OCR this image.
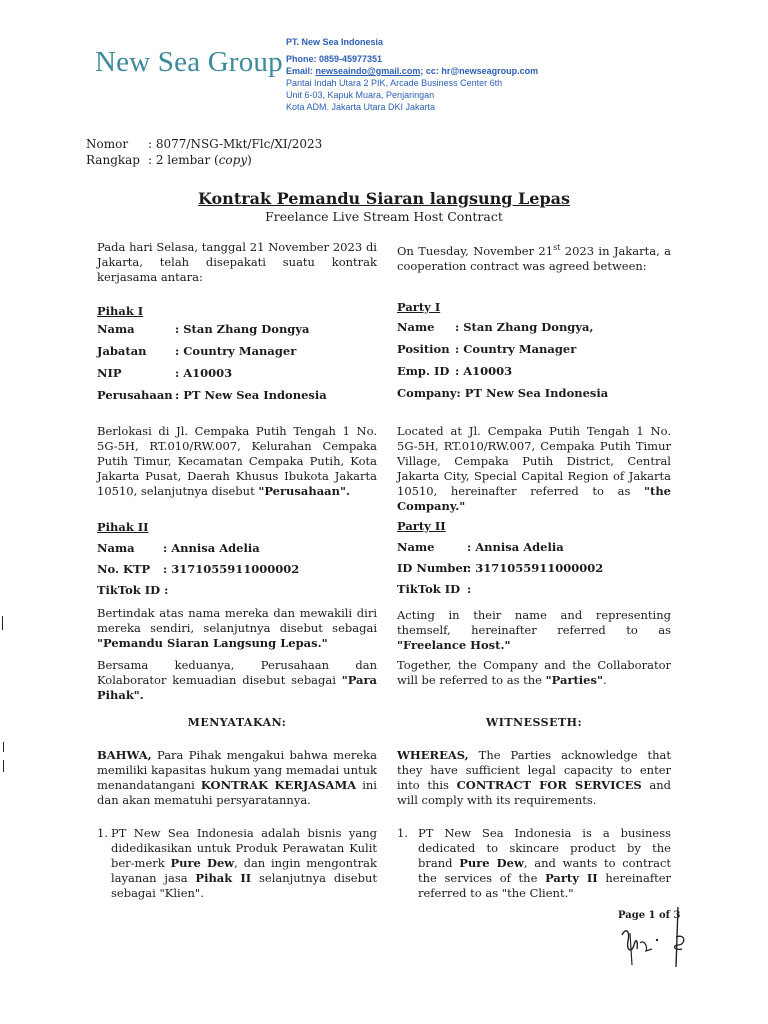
New Sea Group
PT. New Sea Indonesia
Phone: 0859-45977351
Email: newseaindo@gmail.com; cc: hr@newseagroup.com
Pantai Indah Utara 2 PIK, Arcade Business Center 6th
Unit 6-03, Kapuk Muara, Penjaringan
Kota ADM. Jakarta Utara DKI Jakarta
Nomor : 8077/NSG-Mkt/Flc/XI/2023
Rangkap : 2 lembar (copy)
Kontrak Pemandu Siaran langsung Lepas
Freelance Live Stream Host Contract
Pada hari Selasa, tanggal 21 November 2023 di Jakarta, telah disepakati suatu kontrak kerjasama antara:
Pihak I
Nama	: Stan Zhang Dongya
Jabatan : Country Manager
NIP	: A10003
Perusahaan : PT New Sea Indonesia
Berlokasi di Jl. Cempaka Putih Tengah 1 No. 5G-5H, RT.010/RW.007, Kelurahan Cempaka Putih Timur, Kecamatan Cempaka Putih, Kota Jakarta Pusat, Daerah Khusus Ibukota Jakarta 10510, selanjutnya disebut "Perusahaan".
Pihak II
Nama : Annisa Adelia
No. KTP : 3171055911000002
TikTok ID :
Bertindak atas nama mereka dan mewakili diri mereka sendiri, selanjutnya disebut sebagai "Pemandu Siaran Langsung Lepas."
Bersama keduanya, Perusahaan dan Kolaborator kemuadian disebut sebagai "Para Pihak".
MENYATAKAN:
BAHWA, Para Pihak mengakui bahwa mereka memiliki kapasitas hukum yang memadai untuk menandatangani KONTRAK KERJASAMA ini dan akan mematuhi persyaratannya.
1. PT New Sea Indonesia adalah bisnis yang didedikasikan untuk Produk Perawatan Kulit ber-merk Pure Dew, dan ingin mengontrak layanan jasa Pihak II selanjutnya disebut sebagai "Klien".
On Tuesday, November 21st 2023 in Jakarta, a cooperation contract was agreed between:
Party I
Name : Stan Zhang Dongya,
Position : Country Manager
Emp. ID : A10003
Company: PT New Sea Indonesia
Located at Jl. Cempaka Putih Tengah 1 No. 5G-5H, RT.010/RW.007, Cempaka Putih Timur Village, Cempaka Putih District, Central Jakarta City, Special Capital Region of Jakarta 10510, hereinafter referred to as "the Company."
Party II
Name	: Annisa Adelia
ID Number: 3171055911000002
TikTok ID :
Acting in their name and representing themself, hereinafter referred to as "Freelance Host."
Together, the Company and the Collaborator will be referred to as the "Parties".
WITNESSETH:
WHEREAS, The Parties acknowledge that they have sufficient legal capacity to enter into this CONTRACT FOR SERVICES and will comply with its requirements.
1. PT New Sea Indonesia is a business dedicated to skincare product by the brand Pure Dew, and wants to contract the services of the Party II hereinafter referred to as "the Client."
Page 1 of 3
